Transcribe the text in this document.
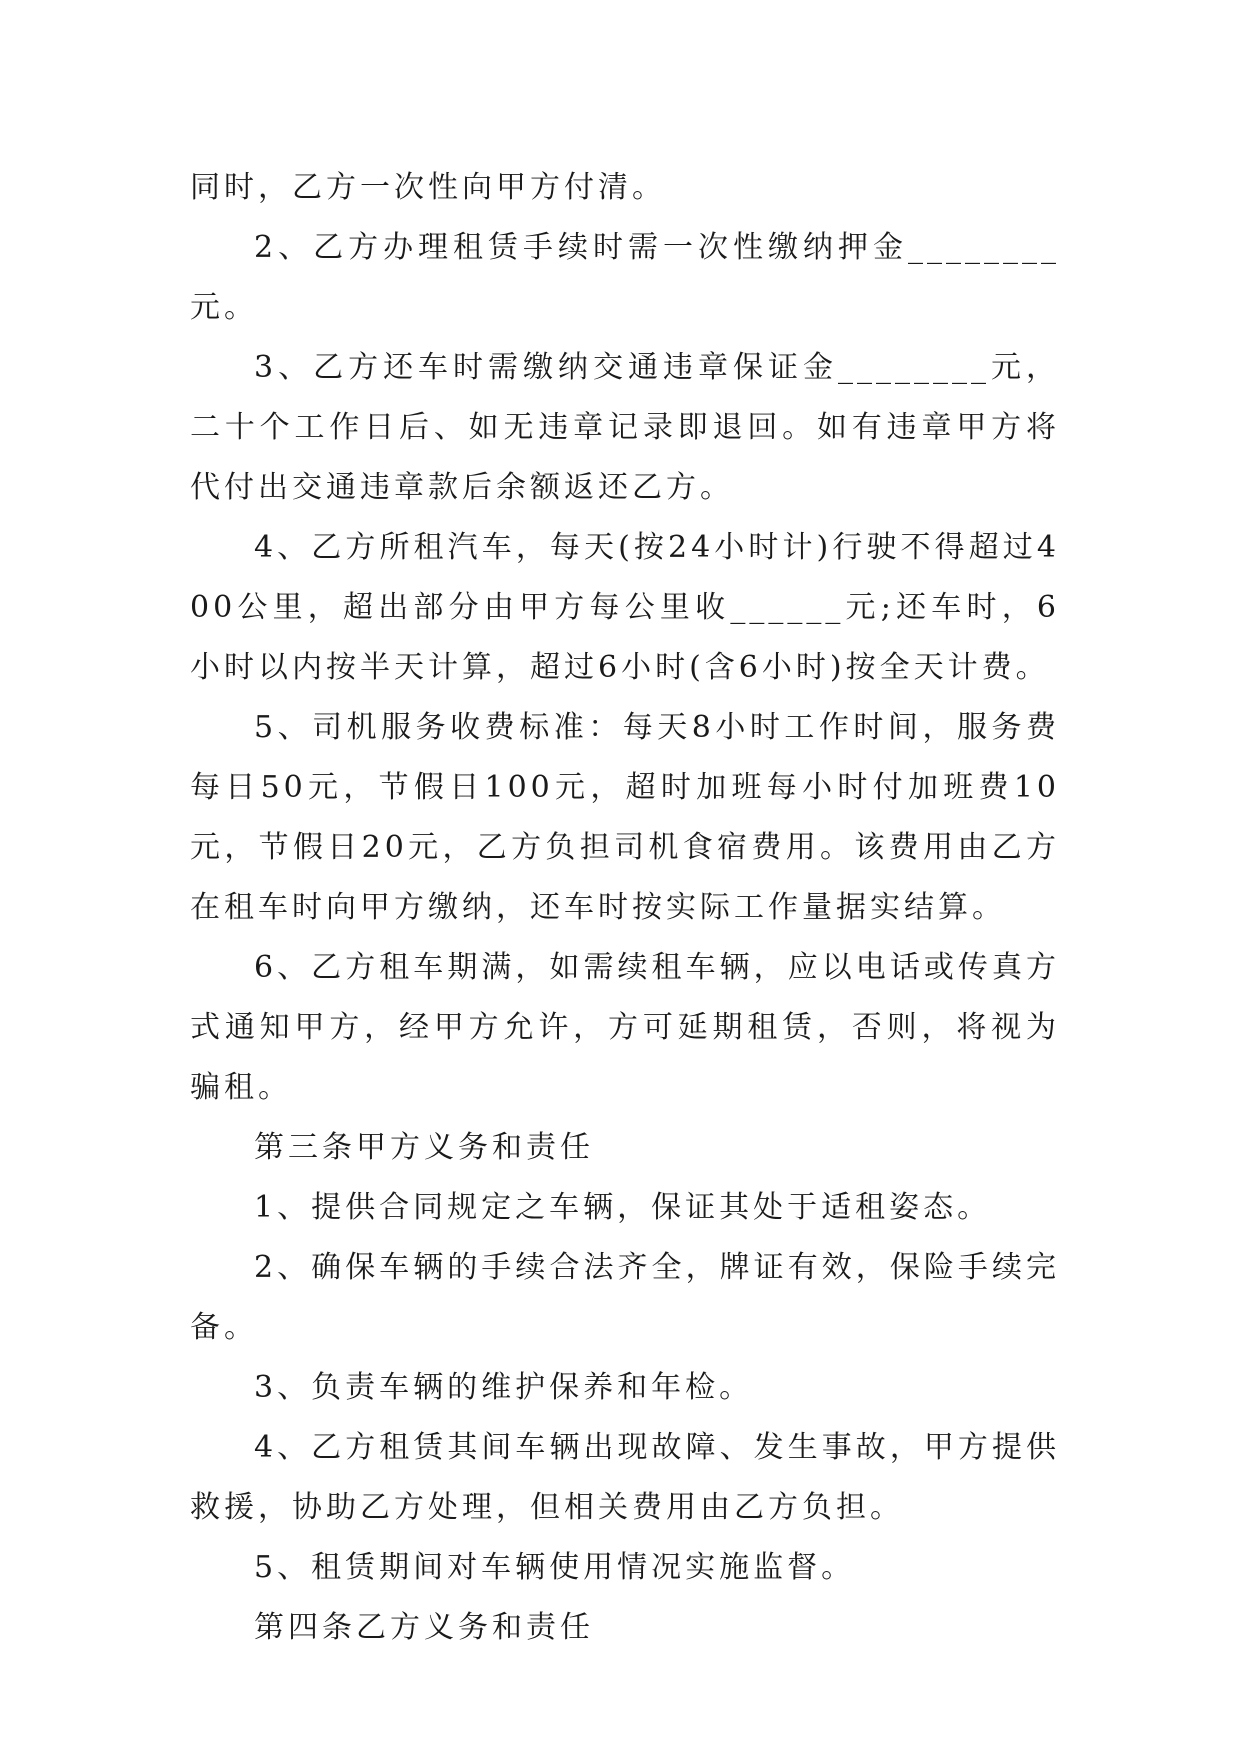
同时，乙方一次性向甲方付清。

2、乙方办理租赁手续时需一次性缴纳押金________元。

3、乙方还车时需缴纳交通违章保证金________元，二十个工作日后、如无违章记录即退回。如有违章甲方将代付出交通违章款后余额返还乙方。

4、乙方所租汽车，每天(按24小时计)行驶不得超过400公里，超出部分由甲方每公里收______元;还车时，6小时以内按半天计算，超过6小时(含6小时)按全天计费。

5、司机服务收费标准：每天8小时工作时间，服务费每日50元，节假日100元，超时加班每小时付加班费10元，节假日20元，乙方负担司机食宿费用。该费用由乙方在租车时向甲方缴纳，还车时按实际工作量据实结算。

6、乙方租车期满，如需续租车辆，应以电话或传真方式通知甲方，经甲方允许，方可延期租赁，否则，将视为骗租。

第三条甲方义务和责任

1、提供合同规定之车辆，保证其处于适租姿态。

2、确保车辆的手续合法齐全，牌证有效，保险手续完备。

3、负责车辆的维护保养和年检。

4、乙方租赁其间车辆出现故障、发生事故，甲方提供救援，协助乙方处理，但相关费用由乙方负担。

5、租赁期间对车辆使用情况实施监督。

第四条乙方义务和责任
